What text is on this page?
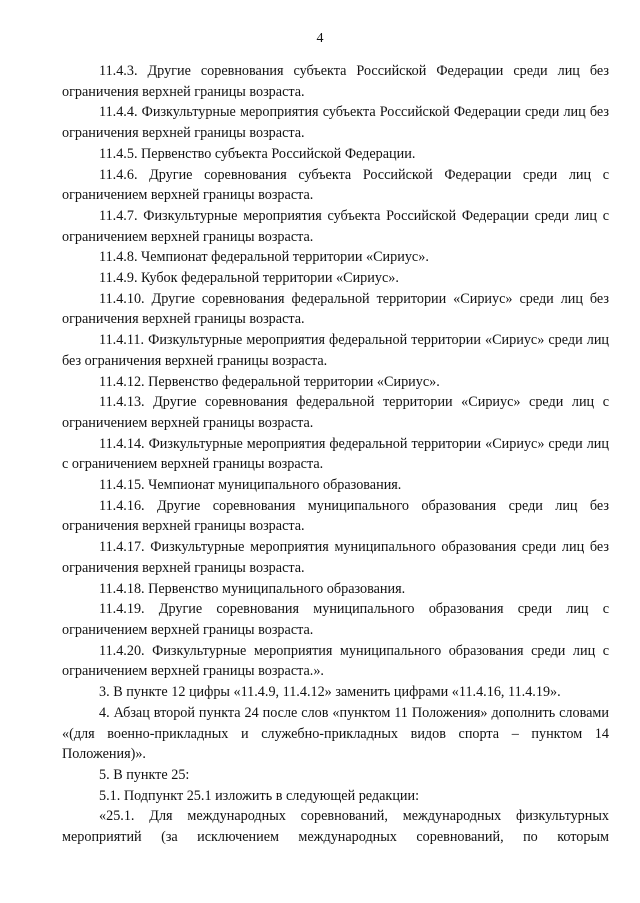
4

11.4.3. Другие соревнования субъекта Российской Федерации среди лиц без ограничения верхней границы возраста.

11.4.4. Физкультурные мероприятия субъекта Российской Федерации среди лиц без ограничения верхней границы возраста.

11.4.5. Первенство субъекта Российской Федерации.

11.4.6. Другие соревнования субъекта Российской Федерации среди лиц с ограничением верхней границы возраста.

11.4.7. Физкультурные мероприятия субъекта Российской Федерации среди лиц с ограничением верхней границы возраста.

11.4.8. Чемпионат федеральной территории «Сириус».

11.4.9. Кубок федеральной территории «Сириус».

11.4.10. Другие соревнования федеральной территории «Сириус» среди лиц без ограничения верхней границы возраста.

11.4.11. Физкультурные мероприятия федеральной территории «Сириус» среди лиц без ограничения верхней границы возраста.

11.4.12. Первенство федеральной территории «Сириус».

11.4.13. Другие соревнования федеральной территории «Сириус» среди лиц с ограничением верхней границы возраста.

11.4.14. Физкультурные мероприятия федеральной территории «Сириус» среди лиц с ограничением верхней границы возраста.

11.4.15. Чемпионат муниципального образования.

11.4.16. Другие соревнования муниципального образования среди лиц без ограничения верхней границы возраста.

11.4.17. Физкультурные мероприятия муниципального образования среди лиц без ограничения верхней границы возраста.

11.4.18. Первенство муниципального образования.

11.4.19. Другие соревнования муниципального образования среди лиц с ограничением верхней границы возраста.

11.4.20. Физкультурные мероприятия муниципального образования среди лиц с ограничением верхней границы возраста.».

3. В пункте 12 цифры «11.4.9, 11.4.12» заменить цифрами «11.4.16, 11.4.19».

4. Абзац второй пункта 24 после слов «пунктом 11 Положения» дополнить словами «(для военно-прикладных и служебно-прикладных видов спорта – пунктом 14 Положения)».

5. В пункте 25:

5.1. Подпункт 25.1 изложить в следующей редакции:

«25.1. Для международных соревнований, международных физкультурных мероприятий (за исключением международных соревнований, по которым
